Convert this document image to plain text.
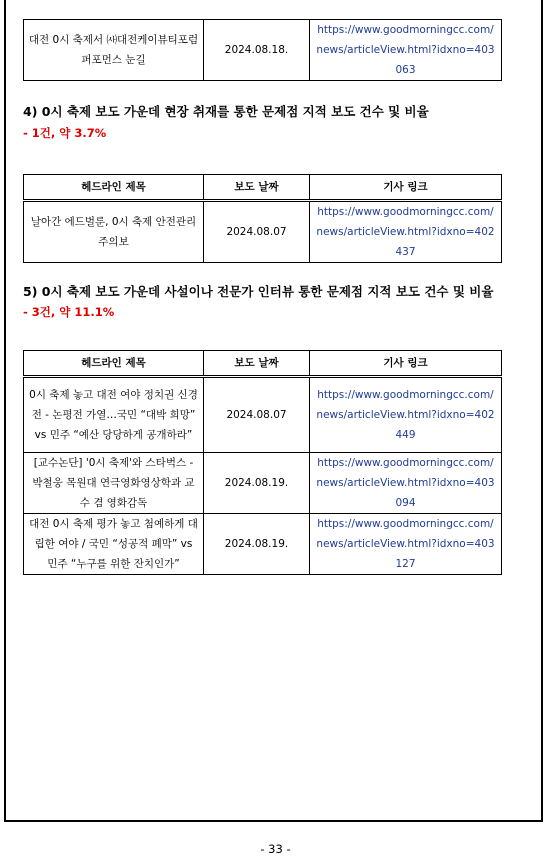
대전 0시 축제서 ㈔대전케이뷰티포럼 퍼포먼스 눈길	2024.08.18.	https://www.goodmorningcc.com/news/articleView.html?idxno=403063
4) 0시 축제 보도 가운데 현장 취재를 통한 문제점 지적 보도 건수 및 비율
- 1건, 약 3.7%
헤드라인 제목	보도 날짜	기사 링크
날아간 에드벌룬, 0시 축제 안전관리 주의보	2024.08.07	https://www.goodmorningcc.com/news/articleView.html?idxno=402437
5) 0시 축제 보도 가운데 사설이나 전문가 인터뷰 통한 문제점 지적 보도 건수 및 비율
- 3건, 약 11.1%
헤드라인 제목	보도 날짜	기사 링크
0시 축제 놓고 대전 여야 정치권 신경전 - 논평전 가열…국민 “대박 희망” vs 민주 “예산 당당하게 공개하라”	2024.08.07	https://www.goodmorningcc.com/news/articleView.html?idxno=402449
[교수논단] '0시 축제'와 스타벅스 - 박철웅 목원대 연극영화영상학과 교수 겸 영화감독	2024.08.19.	https://www.goodmorningcc.com/news/articleView.html?idxno=403094
대전 0시 축제 평가 놓고 첨예하게 대립한 여야 / 국민 “성공적 폐막” vs 민주 “누구를 위한 잔치인가”	2024.08.19.	https://www.goodmorningcc.com/news/articleView.html?idxno=403127
- 33 -
